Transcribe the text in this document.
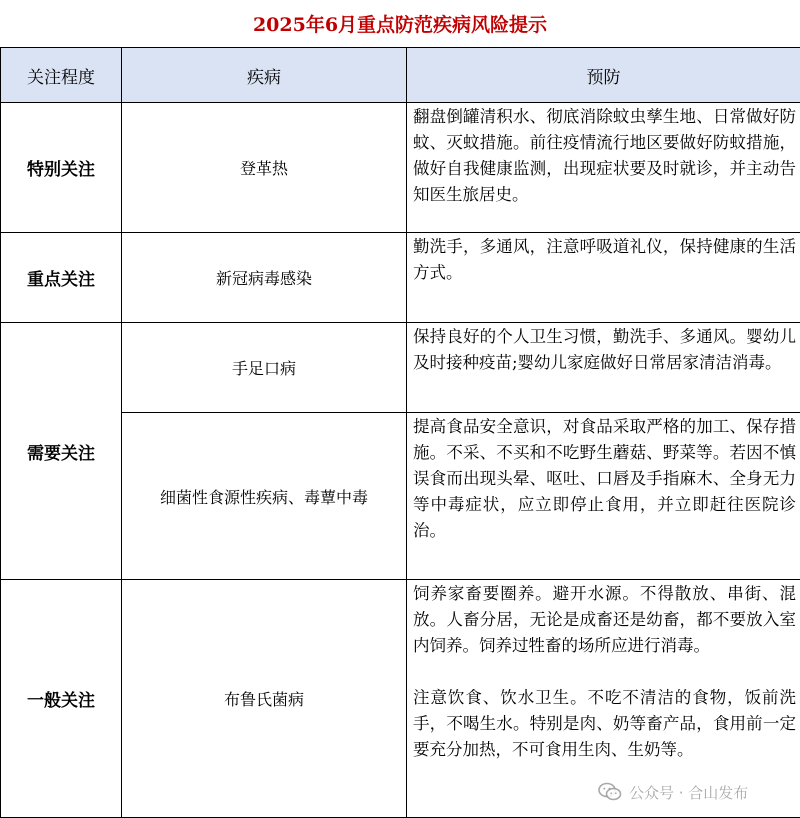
2025年6月重点防范疾病风险提示
关注程度	疾病	预防
特别关注	登革热	翻盘倒罐清积水、彻底消除蚊虫孳生地、日常做好防蚊、灭蚊措施。前往疫情流行地区要做好防蚊措施，做好自我健康监测，出现症状要及时就诊，并主动告知医生旅居史。

重点关注	新冠病毒感染	勤洗手，多通风，注意呼吸道礼仪，保持健康的生活方式。

需要关注	手足口病	保持良好的个人卫生习惯，勤洗手、多通风。婴幼儿及时接种疫苗;婴幼儿家庭做好日常居家清洁消毒。

	细菌性食源性疾病、毒蕈中毒	提高食品安全意识，对食品采取严格的加工、保存措施。不采、不买和不吃野生蘑菇、野菜等。若因不慎误食而出现头晕、呕吐、口唇及手指麻木、全身无力等中毒症状，应立即停止食用，并立即赶往医院诊治。

一般关注	布鲁氏菌病	饲养家畜要圈养。避开水源。不得散放、串街、混放。人畜分居，无论是成畜还是幼畜，都不要放入室内饲养。饲养过牲畜的场所应进行消毒。

注意饮食、饮水卫生。不吃不清洁的食物，饭前洗手，不喝生水。特别是肉、奶等畜产品，食用前一定要充分加热，不可食用生肉、生奶等。

公众号 · 合山发布
